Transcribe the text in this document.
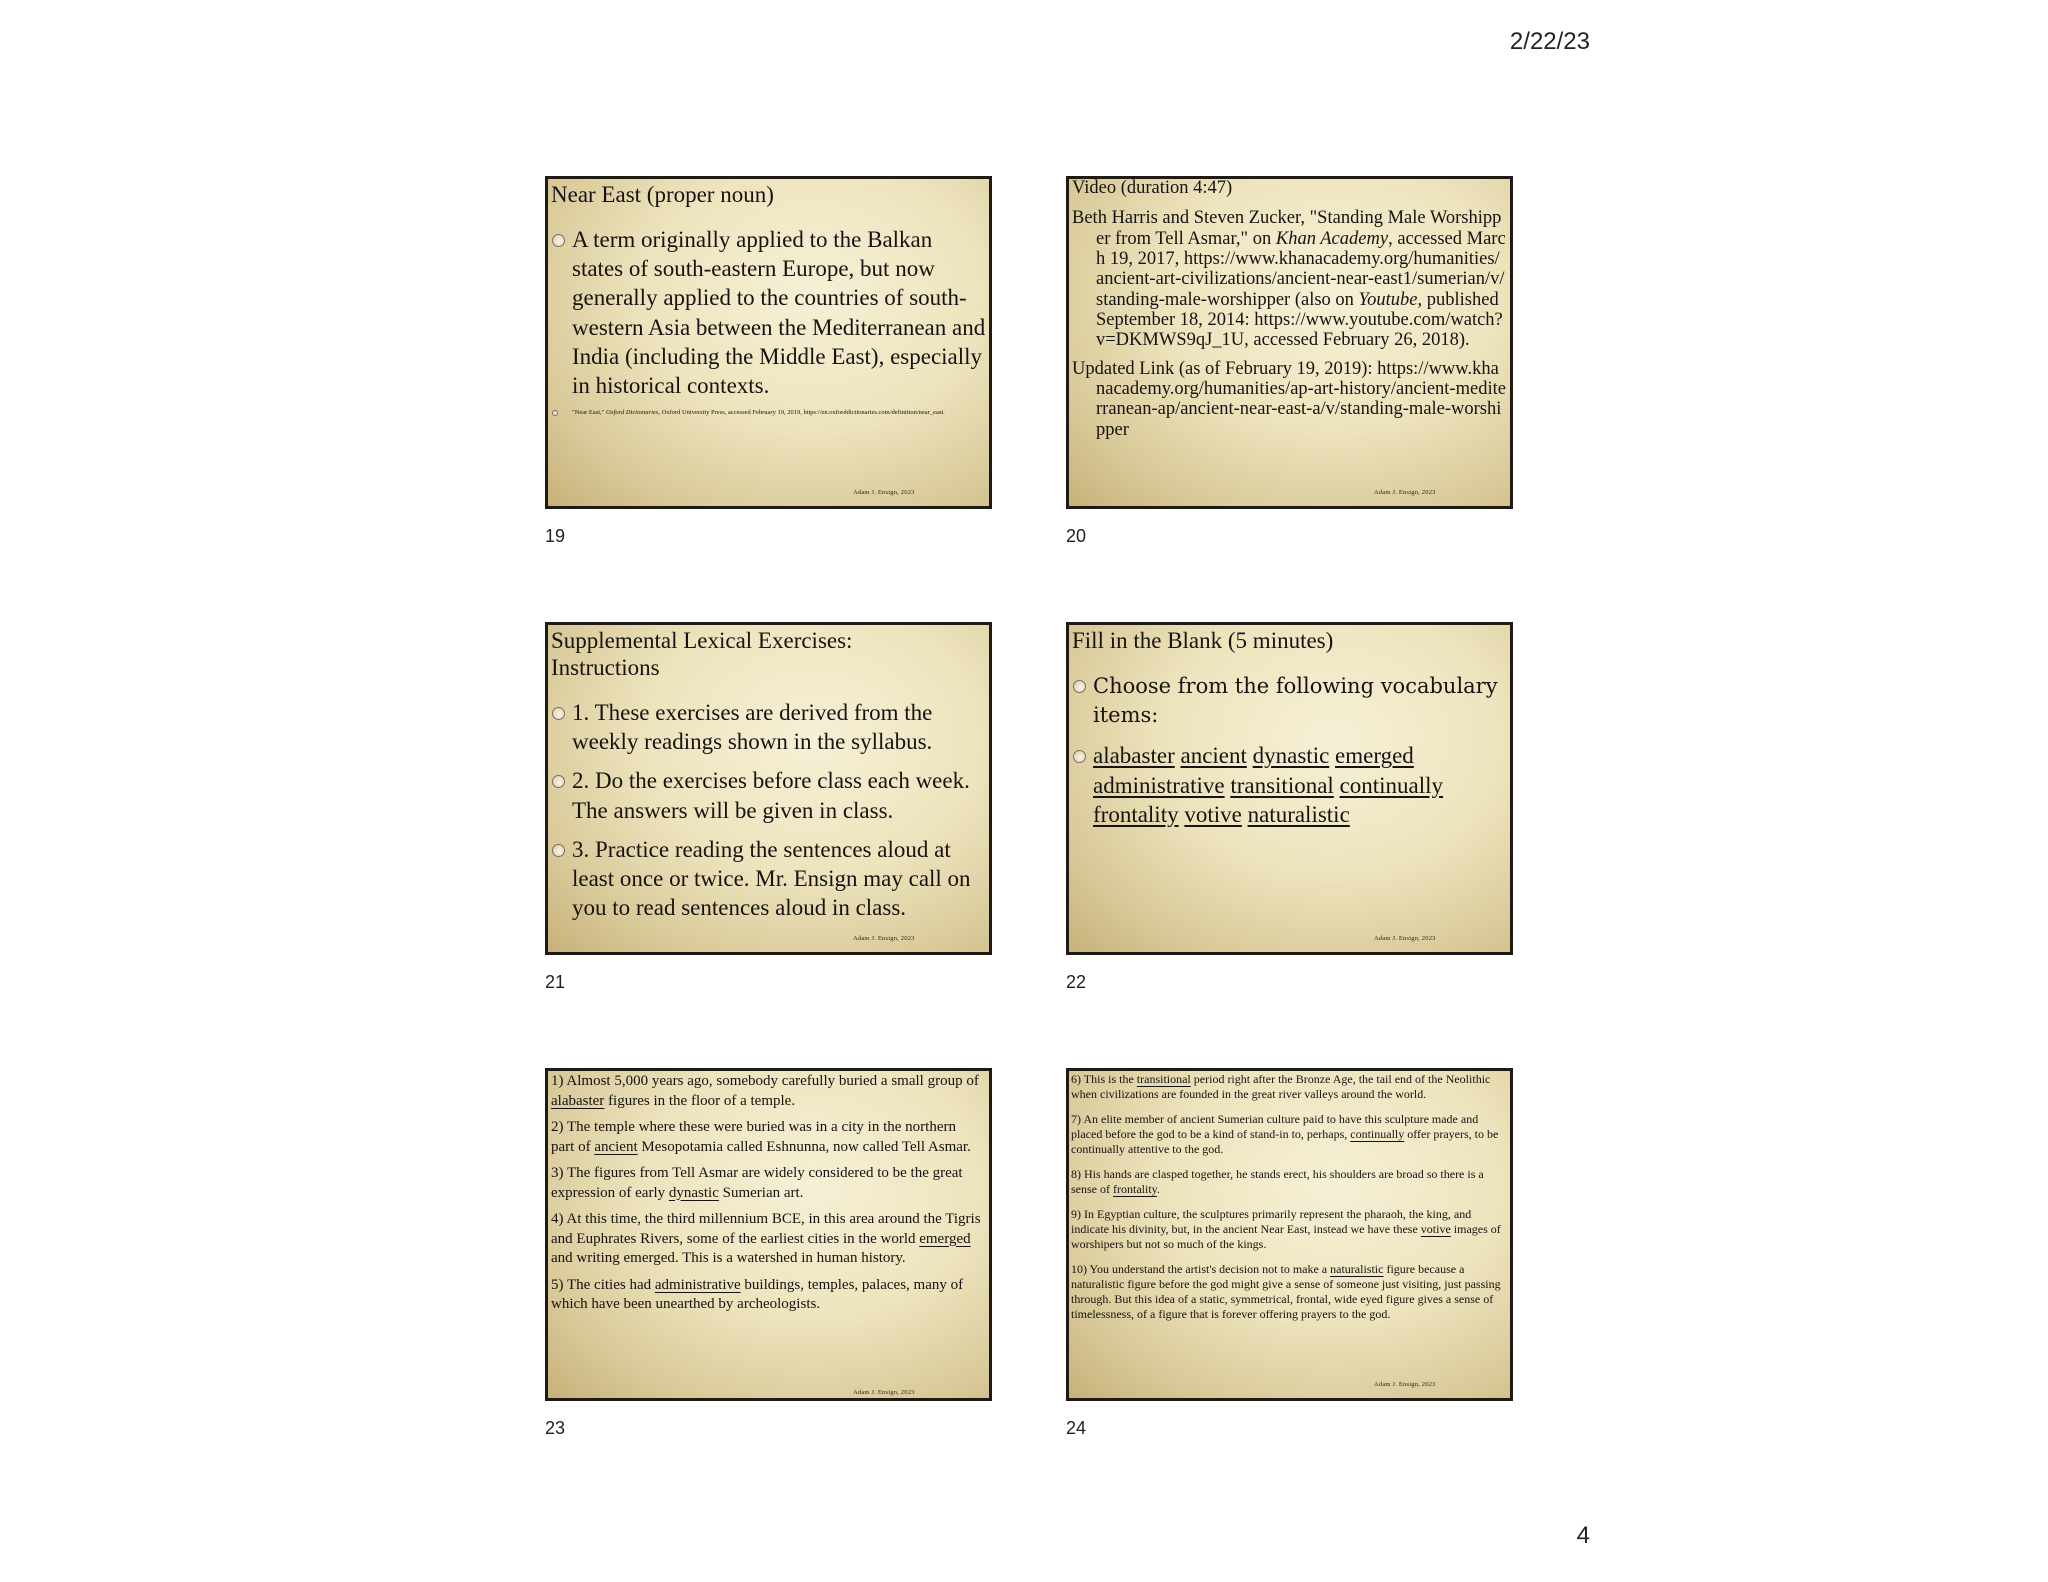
2/22/23
Near East (proper noun)
A term originally applied to the Balkan states of south-eastern Europe, but now generally applied to the countries of south-western Asia between the Mediterranean and India (including the Middle East), especially in historical contexts.
"Near East," Oxford Dictionaries, Oxford University Press, accessed February 19, 2019, https://en.oxforddictionaries.com/definition/near_east.
Adam J. Ensign, 2023
19
Video (duration 4:47)
Beth Harris and Steven Zucker, "Standing Male Worshipper from Tell Asmar," on Khan Academy, accessed March 19, 2017, https://www.khanacademy.org/humanities/ancient-art-civilizations/ancient-near-east1/sumerian/v/standing-male-worshipper (also on Youtube, published September 18, 2014: https://www.youtube.com/watch?v=DKMWS9qJ_1U, accessed February 26, 2018).
Updated Link (as of February 19, 2019): https://www.khanacademy.org/humanities/ap-art-history/ancient-mediterranean-ap/ancient-near-east-a/v/standing-male-worshipper
Adam J. Ensign, 2023
20
Supplemental Lexical Exercises: Instructions
1. These exercises are derived from the weekly readings shown in the syllabus.
2. Do the exercises before class each week. The answers will be given in class.
3. Practice reading the sentences aloud at least once or twice. Mr. Ensign may call on you to read sentences aloud in class.
Adam J. Ensign, 2023
21
Fill in the Blank (5 minutes)
Choose from the following vocabulary items:
alabaster ancient dynastic emerged administrative transitional continually frontality votive naturalistic
Adam J. Ensign, 2023
22

1) Almost 5,000 years ago, somebody carefully buried a small group of alabaster figures in the floor of a temple.

2) The temple where these were buried was in a city in the northern part of ancient Mesopotamia called Eshnunna, now called Tell Asmar.

3) The figures from Tell Asmar are widely considered to be the great expression of early dynastic Sumerian art.

4) At this time, the third millennium BCE, in this area around the Tigris and Euphrates Rivers, some of the earliest cities in the world emerged and writing emerged. This is a watershed in human history.

5) The cities had administrative buildings, temples, palaces, many of which have been unearthed by archeologists.

Adam J. Ensign, 2023
23

6) This is the transitional period right after the Bronze Age, the tail end of the Neolithic when civilizations are founded in the great river valleys around the world.

7) An elite member of ancient Sumerian culture paid to have this sculpture made and placed before the god to be a kind of stand-in to, perhaps, continually offer prayers, to be continually attentive to the god.

8) His hands are clasped together, he stands erect, his shoulders are broad so there is a sense of frontality.

9) In Egyptian culture, the sculptures primarily represent the pharaoh, the king, and indicate his divinity, but, in the ancient Near East, instead we have these votive images of worshipers but not so much of the kings.

10) You understand the artist's decision not to make a naturalistic figure because a naturalistic figure before the god might give a sense of someone just visiting, just passing through. But this idea of a static, symmetrical, frontal, wide eyed figure gives a sense of timelessness, of a figure that is forever offering prayers to the god.

Adam J. Ensign, 2023
24
4
